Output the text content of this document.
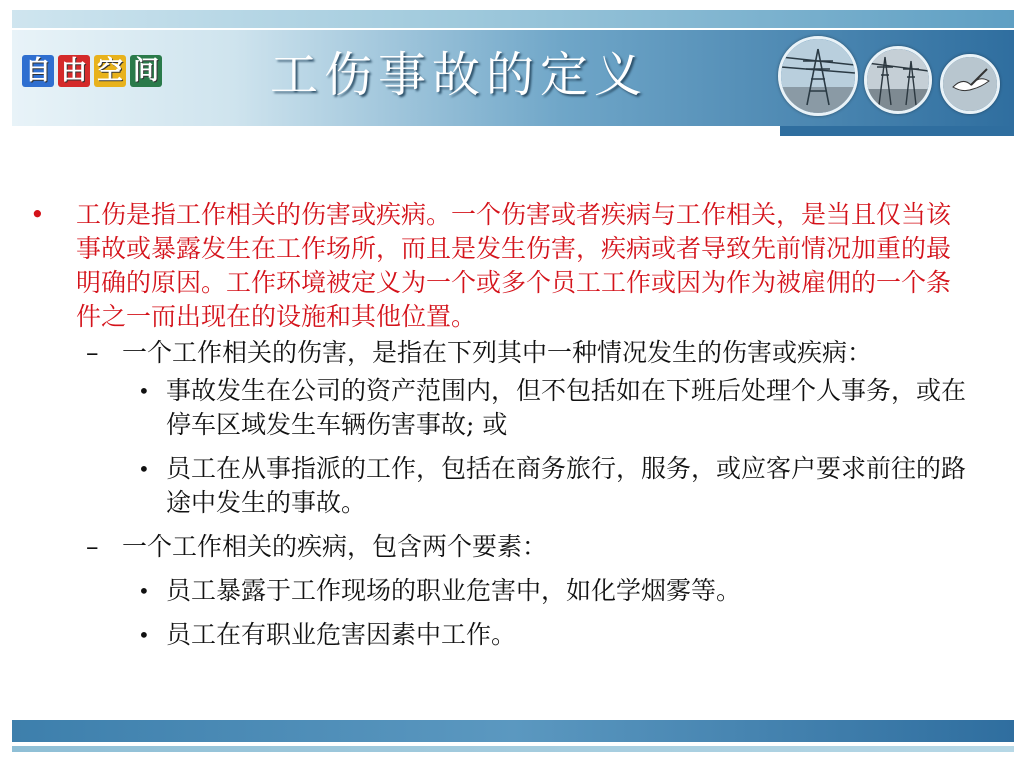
自 由 空 间 工伤事故的定义
• 工伤是指工作相关的伤害或疾病。一个伤害或者疾病与工作相关，是当且仅当该事故或暴露发生在工作场所，而且是发生伤害，疾病或者导致先前情况加重的最明确的原因。工作环境被定义为一个或多个员工工作或因为作为被雇佣的一个条件之一而出现在的设施和其他位置。
– 一个工作相关的伤害，是指在下列其中一种情况发生的伤害或疾病：
• 事故发生在公司的资产范围内，但不包括如在下班后处理个人事务，或在停车区域发生车辆伤害事故; 或
• 员工在从事指派的工作，包括在商务旅行，服务，或应客户要求前往的路途中发生的事故。
– 一个工作相关的疾病，包含两个要素：
• 员工暴露于工作现场的职业危害中，如化学烟雾等。
• 员工在有职业危害因素中工作。
